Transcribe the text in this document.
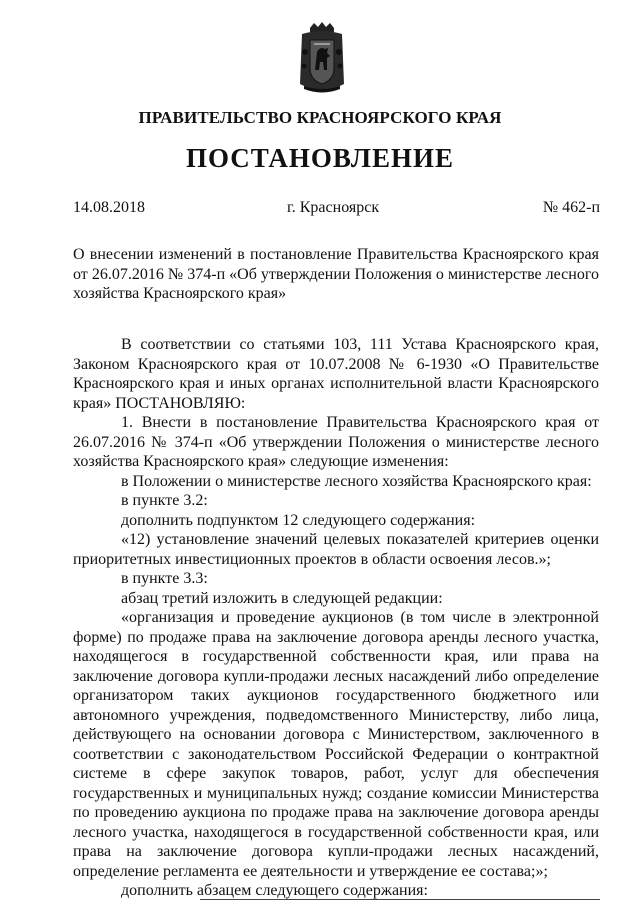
ПРАВИТЕЛЬСТВО КРАСНОЯРСКОГО КРАЯ
ПОСТАНОВЛЕНИЕ
14.08.2018	г. Красноярск	№ 462-п
О внесении изменений в постановление Правительства Красноярского края от 26.07.2016 № 374-п «Об утверждении Положения о министерстве лесного хозяйства Красноярского края»

В соответствии со статьями 103, 111 Устава Красноярского края, Законом Красноярского края от 10.07.2008 № 6-1930 «О Правительстве Красноярского края и иных органах исполнительной власти Красноярского края» ПОСТАНОВЛЯЮ:

1. Внести в постановление Правительства Красноярского края от 26.07.2016 № 374-п «Об утверждении Положения о министерстве лесного хозяйства Красноярского края» следующие изменения:

в Положении о министерстве лесного хозяйства Красноярского края:

в пункте 3.2:

дополнить подпунктом 12 следующего содержания:

«12) установление значений целевых показателей критериев оценки приоритетных инвестиционных проектов в области освоения лесов.»;

в пункте 3.3:

абзац третий изложить в следующей редакции:

«организация и проведение аукционов (в том числе в электронной форме) по продаже права на заключение договора аренды лесного участка, находящегося в государственной собственности края, или права на заключение договора купли-продажи лесных насаждений либо определение организатором таких аукционов государственного бюджетного или автономного учреждения, подведомственного Министерству, либо лица, действующего на основании договора с Министерством, заключенного в соответствии с законодательством Российской Федерации о контрактной системе в сфере закупок товаров, работ, услуг для обеспечения государственных и муниципальных нужд; создание комиссии Министерства по проведению аукциона по продаже права на заключение договора аренды лесного участка, находящегося в государственной собственности края, или права на заключение договора купли-продажи лесных насаждений, определение регламента ее деятельности и утверждение ее состава;»;

дополнить абзацем следующего содержания:
